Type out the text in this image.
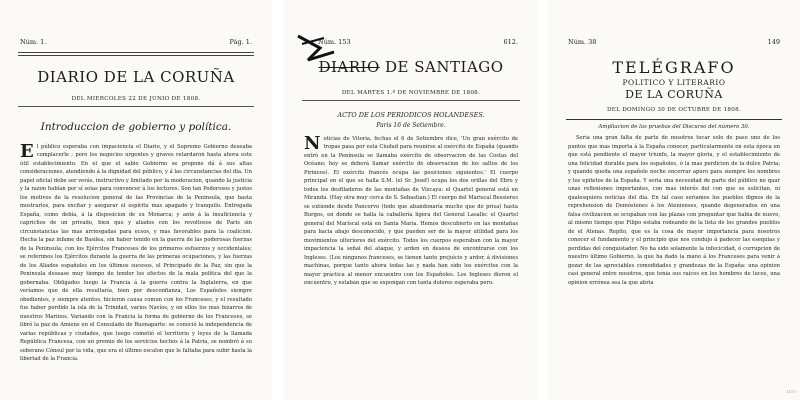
Núm. 1.	Pág. 1.
DIARIO DE LA CORUÑA
DEL MIERCOLES 22 DE JUNIO DE 1808.
Introduccion de gobierno y política.
E l público esperaba con impaciencia el Diario, y el Supremo Gobierno deseaba complacerle ; pero los negocios urgentes y graves retardaron hasta ahora este útil establecimiento. En el que el sabio Gobierno se propone dá á sus altas consideraciones, atendiendo á la dignidad del público, y á las circunstancias del dia. Un papel oficial debe ser verás, instructivo y limitado por la moderacion, quando la justicia y la razon hablan por sí solas para convencer á los lectores. Son tan Poderosos y justos los motivos de la resolucion general de las Provincias de la Peninsula, que basta mostrarlos, para excitar y asegurar el espíritu mas apagado y tranquilo. Entregada España, como debía, á la disposicion de su Monarca; y ante á la insuficiencia y caprichos de un privado, bien que y aliados con los revoltosos de Paris sin circunstancias las mas arriesgadas para ecsos, y mas favorables para la coalicion. Hecha la paz infame de Basilea, sin haber tenido en la guerra de las poderosas fuerzas de la Peninsula; con los Ejércitos Franceses de los primeros esfuerzos y occidentales; se referimos los Ejércitos durante la guerra de las primeras ocupaciones, y las fuerzas de los Aliados españoles en los últimos sucesos, el Principado de la Paz; sin que la Peninsula desease muy tiempo de tender los efectos de la mala política del que la gobernaba. Obligados luego la Francia á la guerra contra la Inglaterra, en que veríamos que de ella resultaría, bien por desconfianza, Los Españoles siempre obedientes, y siempre atentos, hicieron causa comun con los Franceses, y el resultado fue haber perdido la isla de la Trinidad, varios Navíos, y en ellos los mas bizarros de nuestros Marinos. Variando con la Francia la forma de gobierno de los Franceses, se libró la paz de Amiens en el Consulado de Buonaparte: se conoció la independencia de varias repúblicas y ciudades, que luego cometió el territorio y leyes de la llamada República Francesa, con un premio de los servicios hechos á la Patria, se nombró á su soberano Cónsul por la vida, que era el último escalon que le faltaba para subir hasta la libertad de la Francia.
Núm. 153	612.
DIARIO DE SANTIAGO
DEL MARTES 1.º DE NOVIEMBRE DE 1808.
ACTO DE LOS PERIODICOS HOLANDESES.
Paris 16 de Setiembre.
N oticias de Vitoria, fechas el 6 de Setiembre dice, 'Un gran exército de tropas pasa por esta Ciudad para reunirse al exército de España (quando entró en la Península se llamaba exército de observacion de las Costas del Océano; hoy se deberá llamar exército de observacion de los saltos de los Pirineos). El exército francés ocupa las posiciones siguientes.' El cuerpo principal en el que se halla S.M. (el Sr. Josef) ocupa los dos orillas del Ebro y todos los desfiladeros de las montañas de Vizcaya: el Quartel general está en Miranda. (Hay otra muy cerca de S. Sebastian.) El cuerpo del Mariscal Bessieres se extiende desde Pancorvo (todo que abandonaría mucho que de prisa) hasta Burgos, en donde se halla la caballería ligera del General Lasalle: el Quartel general del Mariscal está en Santa Maria. Hemos descubierto en las montañas para hacia abajo desconocido, y que pueden ser de la mayor utilidad para los movimientos ulteriores del exército. Todos los cuerpos esperaban con la mayor impaciencia la señal del ataque, y arden en deseos de encontrarse con los Ingleses. (Los ningunos franceses, se tienen tanto prejuicio y ardor, á divisiones machinas, porque tanto ahora todas las y nada han sido los exércitos con la mayor práctica al menor encuentro con los Españoles. Los Ingleses dieron el encuentro, y estaban que se expongan con tanta dolores esperaba pero.
Núm. 38	149
TELÉGRAFO
POLITICO Y LITERARIO
DE LA CORUÑA
DEL DOMINGO 30 DE OCTUBRE DE 1808.
Ampliacion de las pruebas del Discurso del número 30.

Seria una gran falta de parte de nosotros tocar solo de paso uno de los puntos que mas importa á la España conocer, particularmente en esta época en que está pendiente el mayor triunfo, la mayor gloria, y el establecimiento de una felicidad durable para los españoles, ó la mas perdicion de la dulce Patria; y quando queda una españole noche encerrar apuro para siempre los nombres y los epitetos de la España. Y seria una necesidad de parte del público no quar unas reflexiones importantes, con mas interés del con que se solicitan, ni qualesquiera noticias del dia. En tal caso seriamos los pueblos dignos de la reprehension de Demóstenes á los Atenienses, quando degenerados en una falsa civilizacion se ocupaban con las plazas con preguntar que habia de nuevo, al mismo tiempo que Filipo estaba rodeando de la lista de los grandes pueblos de el Atenas. Repito, que es la cosa de mayor importancia para nosotros conocer el fundamento y el principio que nos condujo á padecer las esequias y perdidas del conquistador. No ha sido solamente la infecicidad, ó corrupcion de nuestro último Gobierno, la que ha dado la mano á los Franceses para venir á gozar de las apreciables comodidades y grandezas de la España: una opinion casi general entre nosotros, que tenia sus raices en los hombres de luces, una opinion errónea sea la que abria

1157
